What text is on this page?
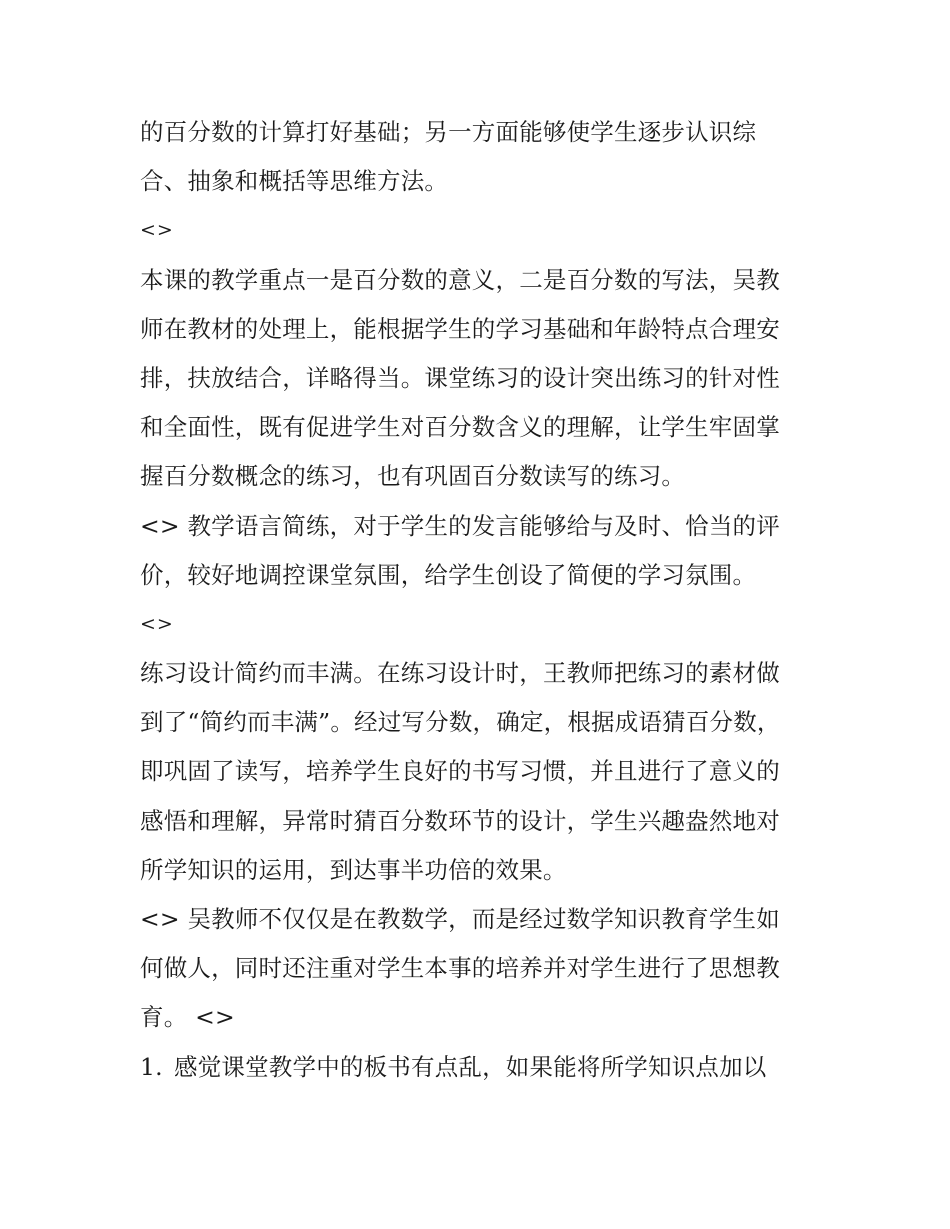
的百分数的计算打好基础；另一方面能够使学生逐步认识综
合、抽象和概括等思维方法。
<>
本课的教学重点一是百分数的意义，二是百分数的写法，吴教
师在教材的处理上，能根据学生的学习基础和年龄特点合理安
排，扶放结合，详略得当。课堂练习的设计突出练习的针对性
和全面性，既有促进学生对百分数含义的理解，让学生牢固掌
握百分数概念的练习，也有巩固百分数读写的练习。
<> 教学语言简练，对于学生的发言能够给与及时、恰当的评
价，较好地调控课堂氛围，给学生创设了简便的学习氛围。
<>
练习设计简约而丰满。在练习设计时，王教师把练习的素材做
到了“简约而丰满”。经过写分数，确定，根据成语猜百分数，
即巩固了读写，培养学生良好的书写习惯，并且进行了意义的
感悟和理解，异常时猜百分数环节的设计，学生兴趣盎然地对
所学知识的运用，到达事半功倍的效果。
<> 吴教师不仅仅是在教数学，而是经过数学知识教育学生如
何做人，同时还注重对学生本事的培养并对学生进行了思想教
育。 <>
1. 感觉课堂教学中的板书有点乱，如果能将所学知识点加以
